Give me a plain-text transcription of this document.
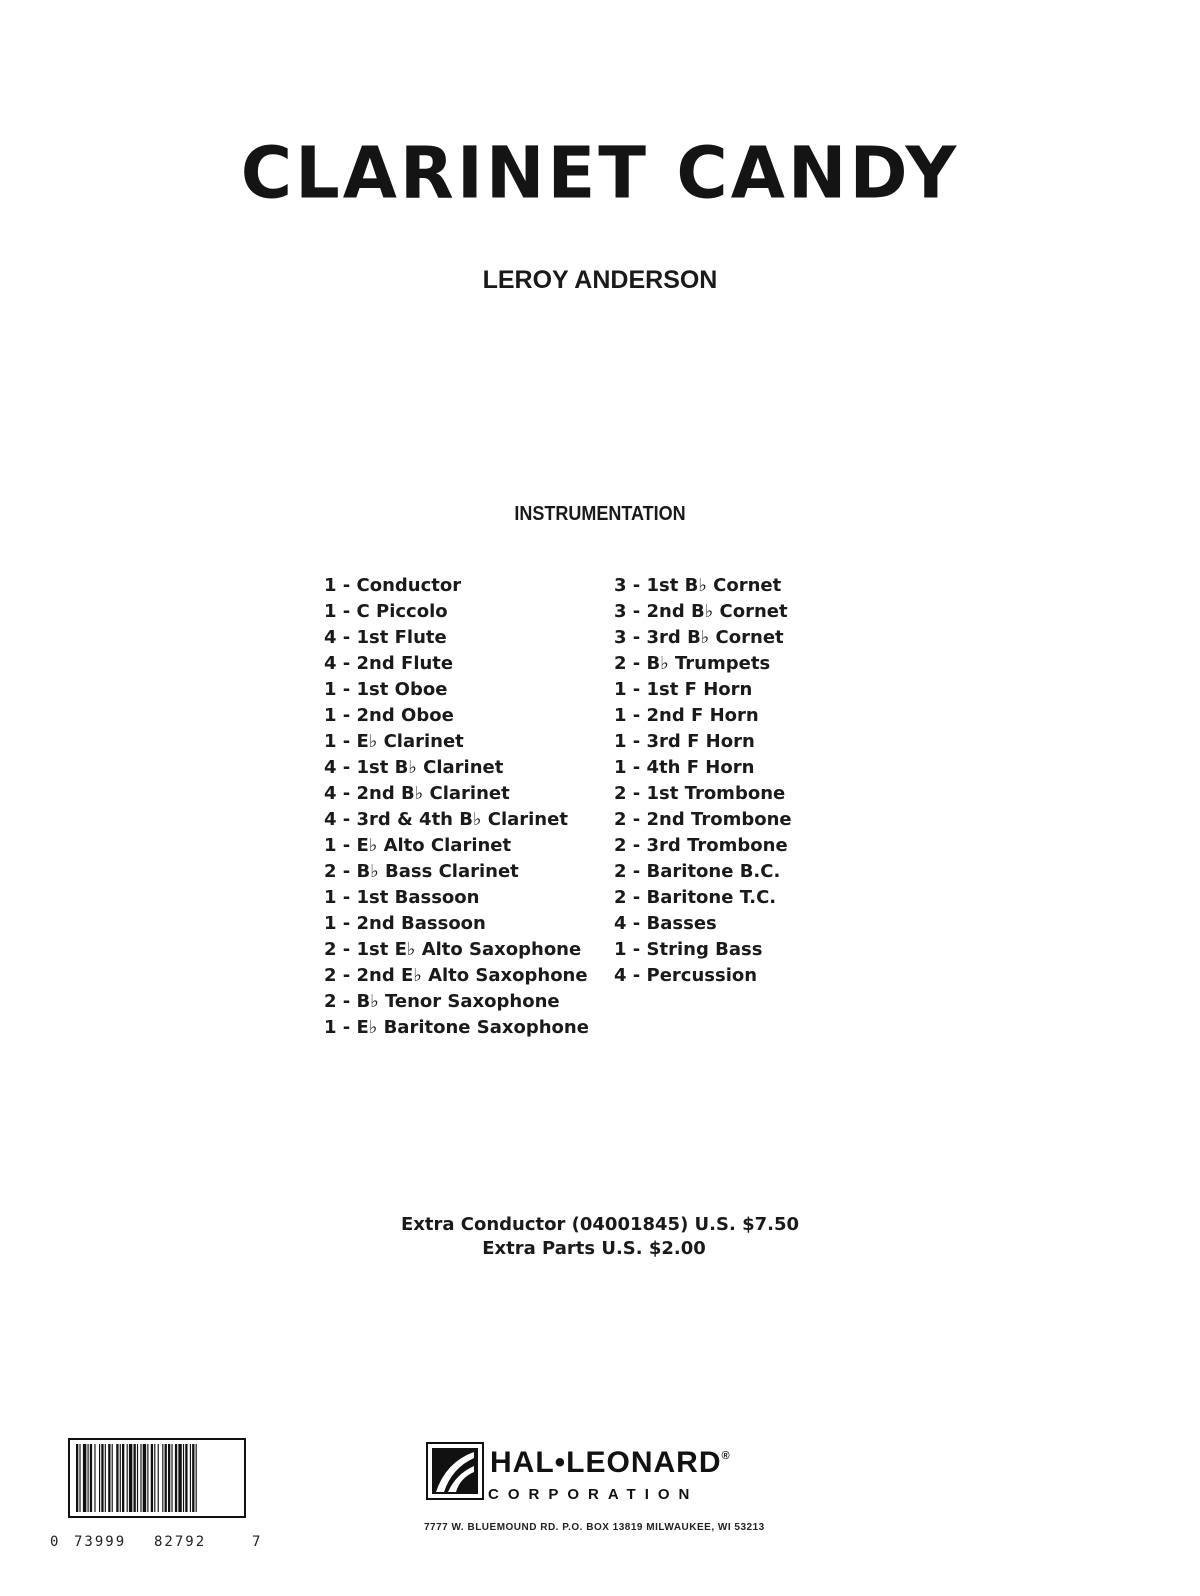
CLARINET CANDY
LEROY ANDERSON
INSTRUMENTATION
1 - Conductor
1 - C Piccolo
4 - 1st Flute
4 - 2nd Flute
1 - 1st Oboe
1 - 2nd Oboe
1 - E♭ Clarinet
4 - 1st B♭ Clarinet
4 - 2nd B♭ Clarinet
4 - 3rd & 4th B♭ Clarinet
1 - E♭ Alto Clarinet
2 - B♭ Bass Clarinet
1 - 1st Bassoon
1 - 2nd Bassoon
2 - 1st E♭ Alto Saxophone
2 - 2nd E♭ Alto Saxophone
2 - B♭ Tenor Saxophone
1 - E♭ Baritone Saxophone
3 - 1st B♭ Cornet
3 - 2nd B♭ Cornet
3 - 3rd B♭ Cornet
2 - B♭ Trumpets
1 - 1st F Horn
1 - 2nd F Horn
1 - 3rd F Horn
1 - 4th F Horn
2 - 1st Trombone
2 - 2nd Trombone
2 - 3rd Trombone
2 - Baritone B.C.
2 - Baritone T.C.
4 - Basses
1 - String Bass
4 - Percussion
Extra Conductor (04001845) U.S. $7.50
Extra Parts U.S. $2.00
0 73999 82792	7
HAL•LEONARD®
CORPORATION
7777 W. BLUEMOUND RD. P.O. BOX 13819 MILWAUKEE, WI 53213
